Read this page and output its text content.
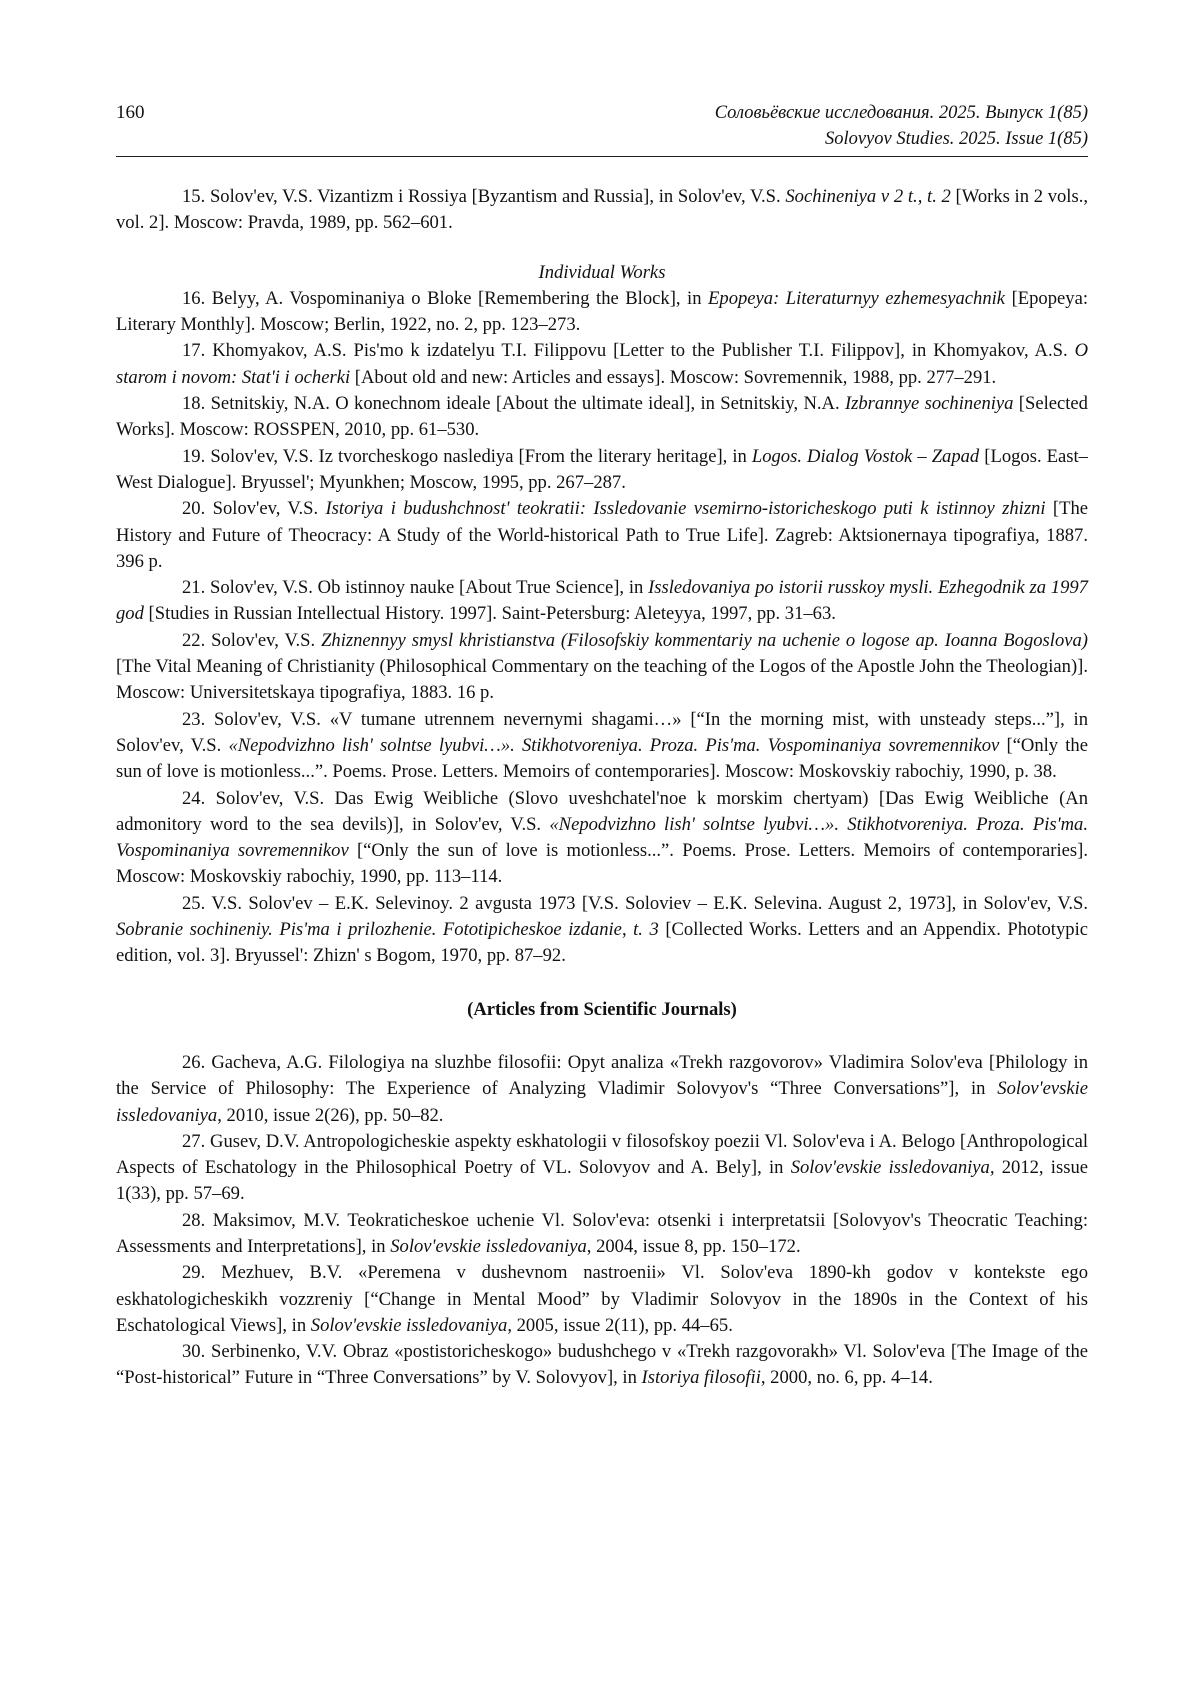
160	Соловьёвские исследования. 2025. Выпуск 1(85)
Solovyov Studies. 2025. Issue 1(85)

15. Solov'ev, V.S. Vizantizm i Rossiya [Byzantism and Russia], in Solov'ev, V.S. Sochineniya v 2 t., t. 2 [Works in 2 vols., vol. 2]. Moscow: Pravda, 1989, pp. 562–601.

Individual Works

16. Belyy, A. Vospominaniya o Bloke [Remembering the Block], in Epopeya: Literaturnyy ezhemesyachnik [Epopeya: Literary Monthly]. Moscow; Berlin, 1922, no. 2, pp. 123–273.

17. Khomyakov, A.S. Pis'mo k izdatelyu T.I. Filippovu [Letter to the Publisher T.I. Filippov], in Khomyakov, A.S. O starom i novom: Stat'i i ocherki [About old and new: Articles and essays]. Moscow: Sovremennik, 1988, pp. 277–291.

18. Setnitskiy, N.A. O konechnom ideale [About the ultimate ideal], in Setnitskiy, N.A. Izbrannye sochineniya [Selected Works]. Moscow: ROSSPEN, 2010, pp. 61–530.

19. Solov'ev, V.S. Iz tvorcheskogo naslediya [From the literary heritage], in Logos. Dialog Vostok – Zapad [Logos. East–West Dialogue]. Bryussel'; Myunkhen; Moscow, 1995, pp. 267–287.

20. Solov'ev, V.S. Istoriya i budushchnost' teokratii: Issledovanie vsemirno-istoricheskogo puti k istinnoy zhizni [The History and Future of Theocracy: A Study of the World-historical Path to True Life]. Zagreb: Aktsionernaya tipografiya, 1887. 396 p.

21. Solov'ev, V.S. Ob istinnoy nauke [About True Science], in Issledovaniya po istorii russkoy mysli. Ezhegodnik za 1997 god [Studies in Russian Intellectual History. 1997]. Saint-Petersburg: Aleteyya, 1997, pp. 31–63.

22. Solov'ev, V.S. Zhiznennyy smysl khristianstva (Filosofskiy kommentariy na uchenie o logose ap. Ioanna Bogoslova) [The Vital Meaning of Christianity (Philosophical Commentary on the teaching of the Logos of the Apostle John the Theologian)]. Moscow: Universitetskaya tipografiya, 1883. 16 p.

23. Solov'ev, V.S. «V tumane utrennem nevernymi shagami…» [“In the morning mist, with unsteady steps...”], in Solov'ev, V.S. «Nepodvizhno lish' solntse lyubvi…». Stikhotvoreniya. Proza. Pis'ma. Vospominaniya sovremennikov [“Only the sun of love is motionless...”. Poems. Prose. Letters. Memoirs of contemporaries]. Moscow: Moskovskiy rabochiy, 1990, p. 38.

24. Solov'ev, V.S. Das Ewig Weibliche (Slovo uveshchatel'noe k morskim chertyam) [Das Ewig Weibliche (An admonitory word to the sea devils)], in Solov'ev, V.S. «Nepodvizhno lish' solntse lyubvi…». Stikhotvoreniya. Proza. Pis'ma. Vospominaniya sovremennikov [“Only the sun of love is motionless...”. Poems. Prose. Letters. Memoirs of contemporaries]. Moscow: Moskovskiy rabochiy, 1990, pp. 113–114.

25. V.S. Solov'ev – E.K. Selevinoy. 2 avgusta 1973 [V.S. Soloviev – E.K. Selevina. August 2, 1973], in Solov'ev, V.S. Sobranie sochineniy. Pis'ma i prilozhenie. Fototipicheskoe izdanie, t. 3 [Collected Works. Letters and an Appendix. Phototypic edition, vol. 3]. Bryussel': Zhizn' s Bogom, 1970, pp. 87–92.

(Articles from Scientific Journals)

26. Gacheva, A.G. Filologiya na sluzhbe filosofii: Opyt analiza «Trekh razgovorov» Vladimira Solov'eva [Philology in the Service of Philosophy: The Experience of Analyzing Vladimir Solovyov's “Three Conversations”], in Solov'evskie issledovaniya, 2010, issue 2(26), pp. 50–82.

27. Gusev, D.V. Antropologicheskie aspekty eskhatologii v filosofskoy poezii Vl. Solov'eva i A. Belogo [Anthropological Aspects of Eschatology in the Philosophical Poetry of VL. Solovyov and A. Bely], in Solov'evskie issledovaniya, 2012, issue 1(33), pp. 57–69.

28. Maksimov, M.V. Teokraticheskoe uchenie Vl. Solov'eva: otsenki i interpretatsii [Solovyov's Theocratic Teaching: Assessments and Interpretations], in Solov'evskie issledovaniya, 2004, issue 8, pp. 150–172.

29. Mezhuev, B.V. «Peremena v dushevnom nastroenii» Vl. Solov'eva 1890-kh godov v kontekste ego eskhatologicheskikh vozzreniy [“Change in Mental Mood” by Vladimir Solovyov in the 1890s in the Context of his Eschatological Views], in Solov'evskie issledovaniya, 2005, issue 2(11), pp. 44–65.

30. Serbinenko, V.V. Obraz «postistoricheskogo» budushchego v «Trekh razgovorakh» Vl. Solov'eva [The Image of the “Post-historical” Future in “Three Conversations” by V. Solovyov], in Istoriya filosofii, 2000, no. 6, pp. 4–14.
